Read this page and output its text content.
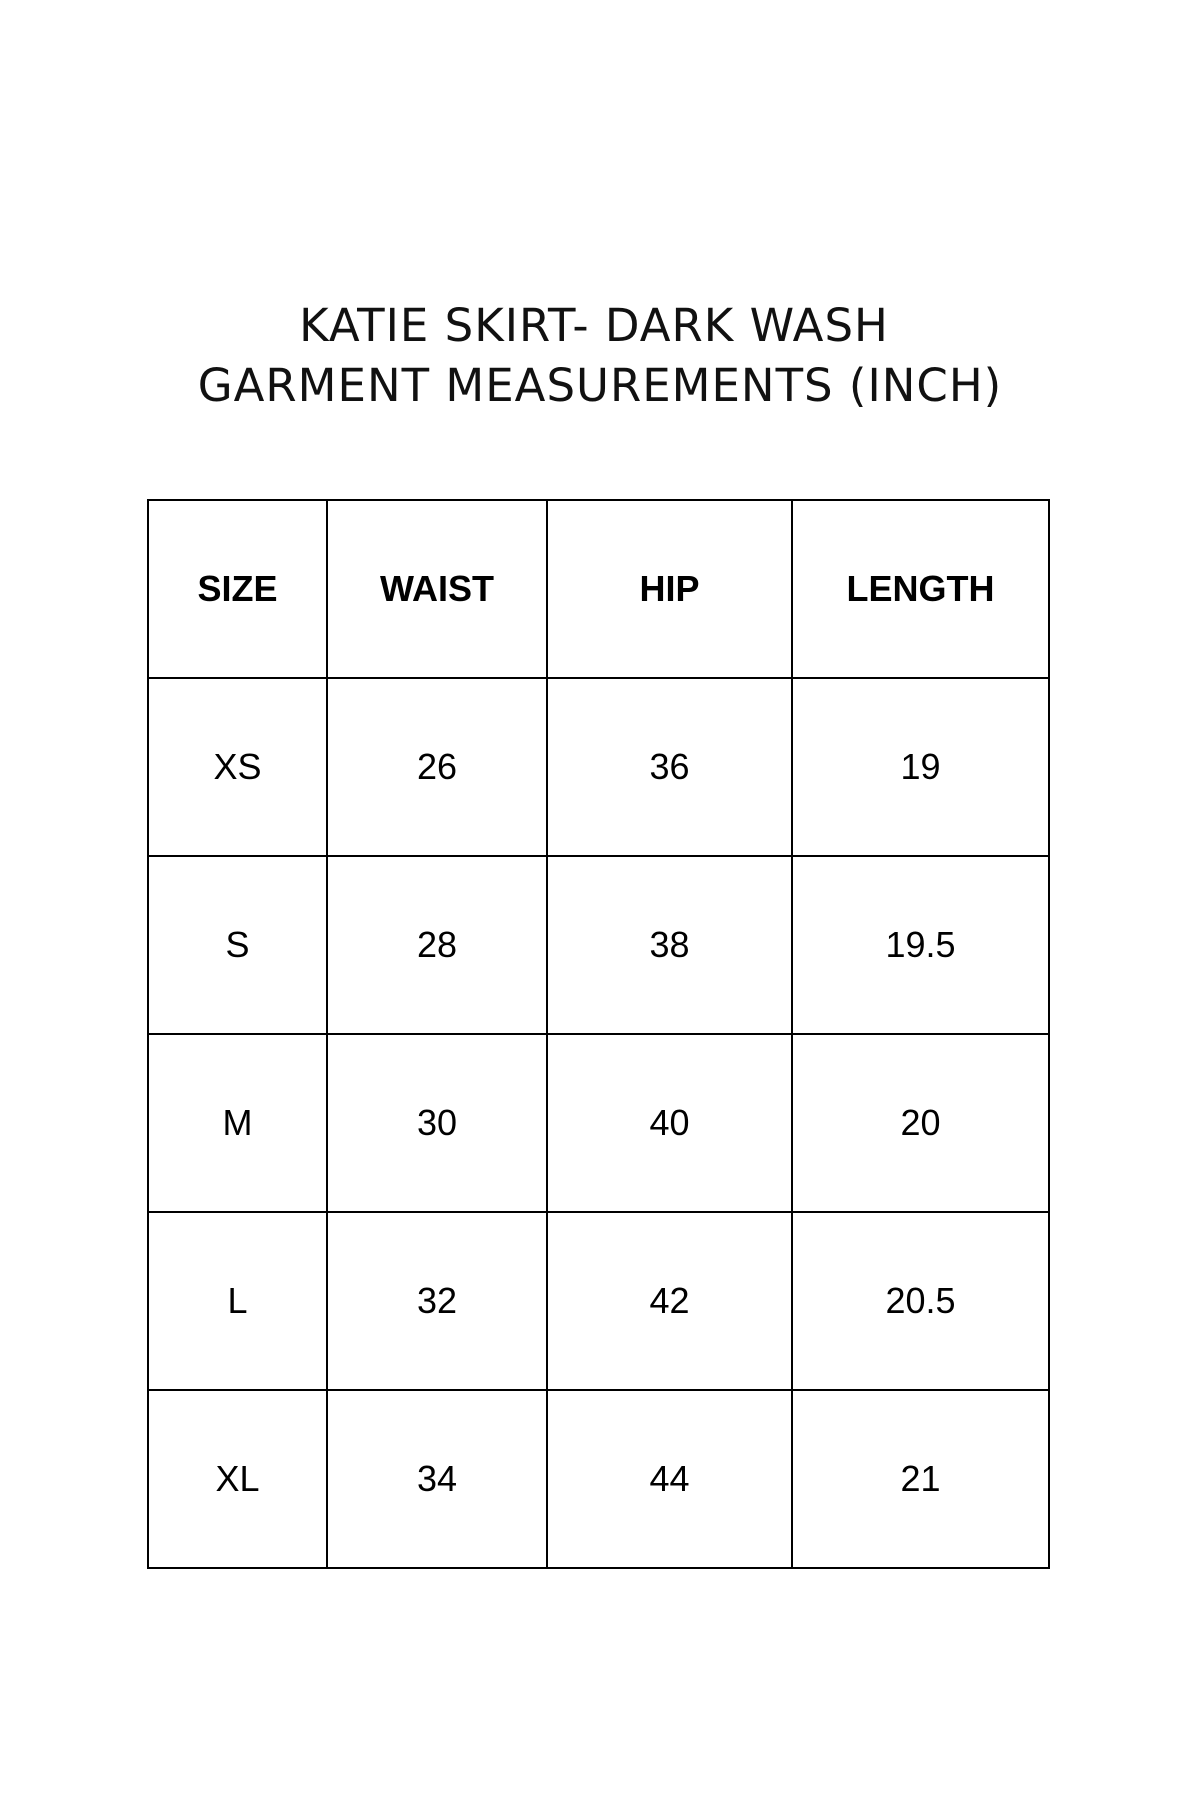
KATIE SKIRT- DARK WASH
GARMENT MEASUREMENTS (INCH)
SIZE	WAIST	HIP	LENGTH
XS	26	36	19
S	28	38	19.5
M	30	40	20
L	32	42	20.5
XL	34	44	21
